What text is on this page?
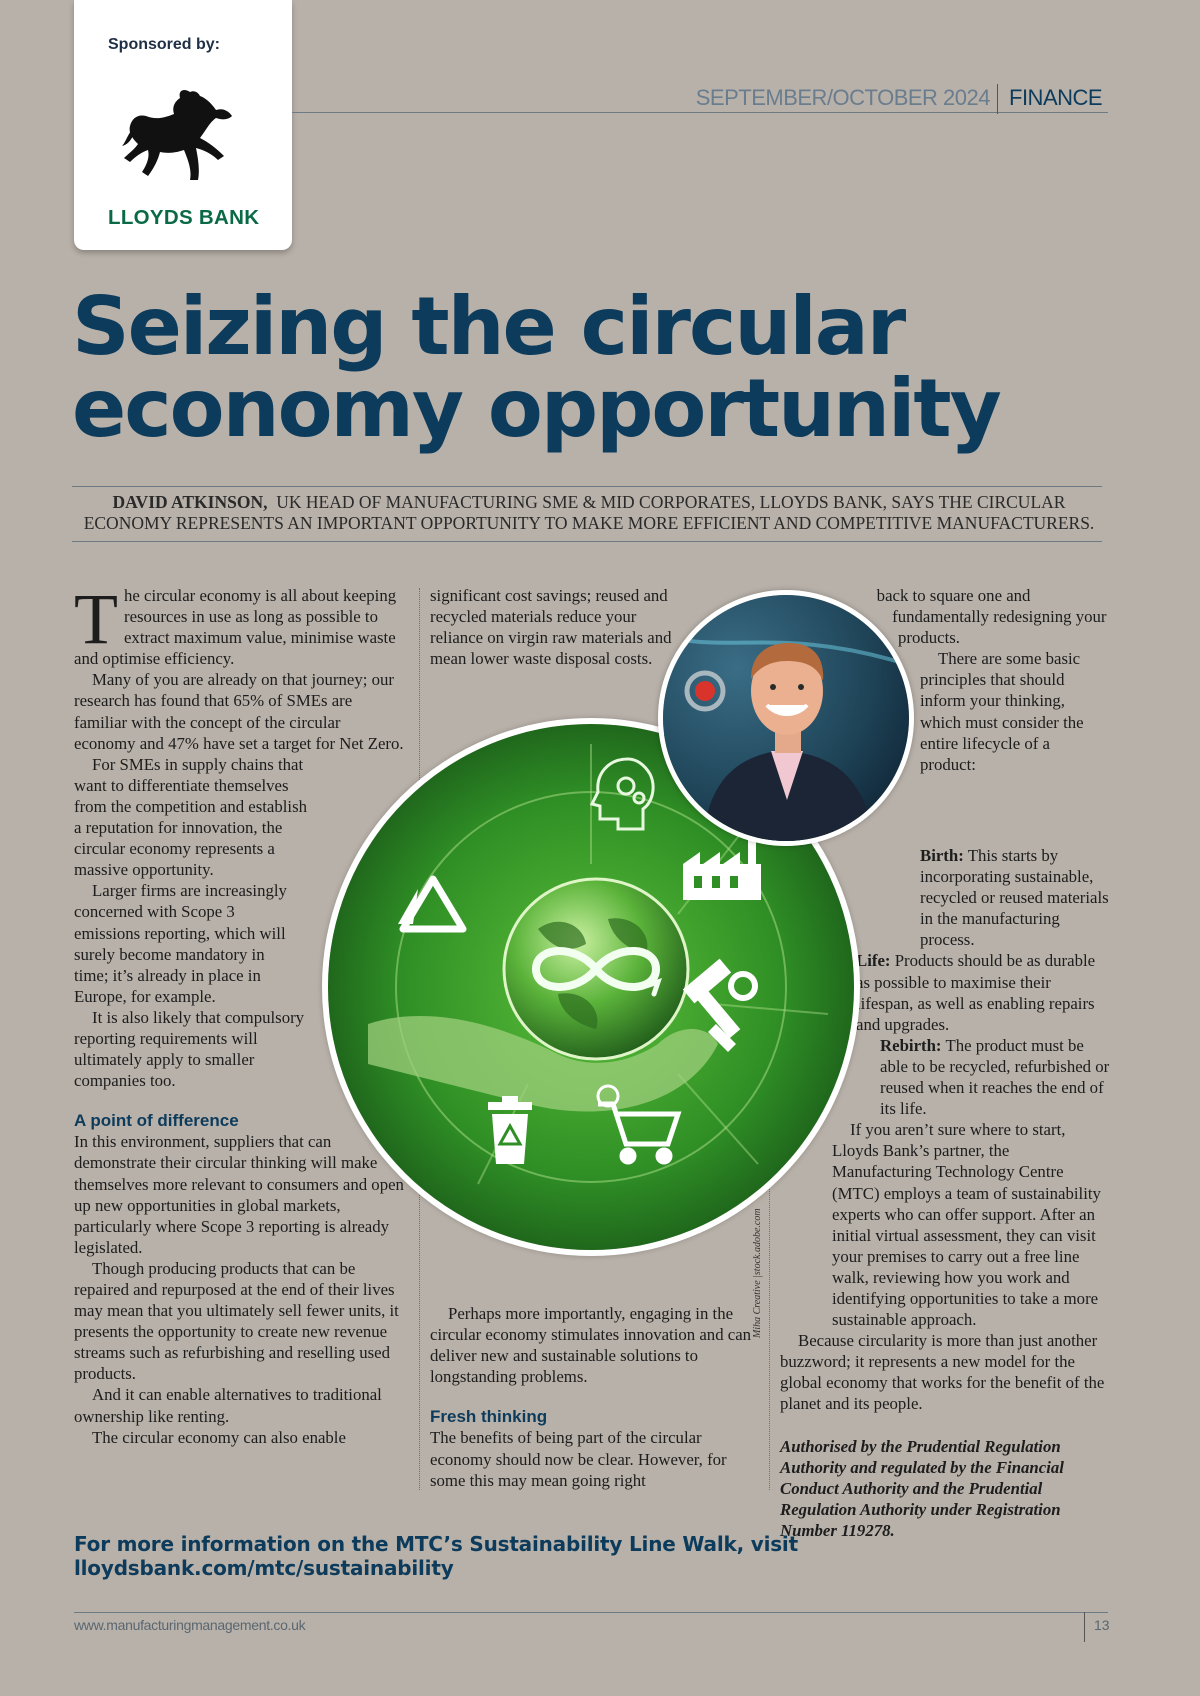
Sponsored by:
LLOYDS BANK
SEPTEMBER/OCTOBER 2024 FINANCE
Seizing the circular economy opportunity

DAVID ATKINSON, UK HEAD OF MANUFACTURING SME & MID CORPORATES, LLOYDS BANK, SAYS THE CIRCULAR ECONOMY REPRESENTS AN IMPORTANT OPPORTUNITY TO MAKE MORE EFFICIENT AND COMPETITIVE MANUFACTURERS.

The circular economy is all about keeping resources in use as long as possible to extract maximum value, minimise waste and optimise efficiency.

Many of you are already on that journey; our research has found that 65% of SMEs are familiar with the concept of the circular economy and 47% have set a target for Net Zero.

For SMEs in supply chains that want to differentiate themselves from the competition and establish a reputation for innovation, the circular economy represents a massive opportunity.

Larger firms are increasingly concerned with Scope 3 emissions reporting, which will surely become mandatory in time; it’s already in place in Europe, for example.

It is also likely that compulsory reporting requirements will ultimately apply to smaller companies too.

A point of difference

In this environment, suppliers that can demonstrate their circular thinking will make themselves more relevant to consumers and open up new opportunities in global markets, particularly where Scope 3 reporting is already legislated.

Though producing products that can be repaired and repurposed at the end of their lives may mean that you ultimately sell fewer units, it presents the opportunity to create new revenue streams such as refurbishing and reselling used products.

And it can enable alternatives to traditional ownership like renting.

The circular economy can also enable

significant cost savings; reused and recycled materials reduce your reliance on virgin raw materials and mean lower waste disposal costs.

Perhaps more importantly, engaging in the circular economy stimulates innovation and can deliver new and sustainable solutions to longstanding problems.

Fresh thinking

The benefits of being part of the circular economy should now be clear. However, for some this may mean going right

back to square one and fundamentally redesigning your products.

There are some basic principles that should inform your thinking, which must consider the entire lifecycle of a product:

Birth: This starts by incorporating sustainable, recycled or reused materials in the manufacturing process.

Life: Products should be as durable as possible to maximise their lifespan, as well as enabling repairs and upgrades.

Rebirth: The product must be able to be recycled, refurbished or reused when it reaches the end of its life.

If you aren’t sure where to start, Lloyds Bank’s partner, the Manufacturing Technology Centre (MTC) employs a team of sustainability experts who can offer support. After an initial virtual assessment, they can visit your premises to carry out a free line walk, reviewing how you work and identifying opportunities to take a more sustainable approach.

Because circularity is more than just another buzzword; it represents a new model for the global economy that works for the benefit of the planet and its people.

Authorised by the Prudential Regulation Authority and regulated by the Financial Conduct Authority and the Prudential Regulation Authority under Registration Number 119278.

Miha Creative |stock.adobe.com
For more information on the MTC’s Sustainability Line Walk, visit lloydsbank.com/mtc/sustainability
www.manufacturingmanagement.co.uk	13
